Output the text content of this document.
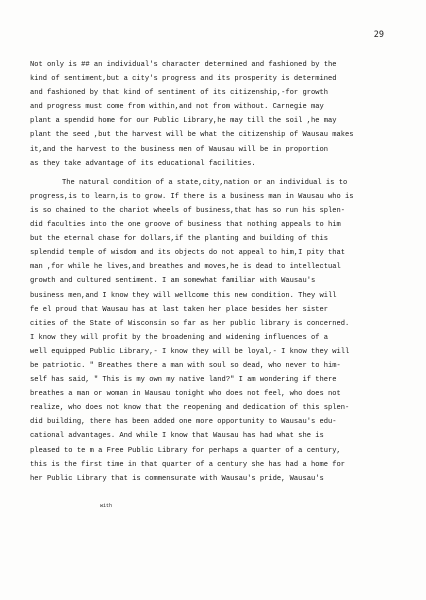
29
Not only is ## an individual's character determined and fashioned by the
kind of sentiment,but a city's progress and its prosperity is determined
and fashioned by that kind of sentiment of its citizenship,-for growth
and progress must come from within,and not from without. Carnegie may
plant a spendid home for our Public Library,he may till the soil ,he may
plant the seed ,but the harvest will be what the citizenship of Wausau makes
it,and the harvest to the business men of Wausau will be in proportion
as they take advantage of its educational facilities.
The natural condition of a state,city,nation or an individual is to
progress,is to learn,is to grow. If there is a business man in Wausau who is
is so chained to the chariot wheels of business,that has so run his splen-
did faculties into the one groove of business that nothing appeals to him
but the eternal chase for dollars,if the planting and building of this
splendid temple of wisdom and its objects do not appeal to him,I pity that
man ,for while he lives,and breathes and moves,he is dead to intellectual
growth and cultured sentiment. I am somewhat familiar with Wausau's
business men,and I know they will wellcome this new condition. They will
fe el proud that Wausau has at last taken her place besides her sister
cities of the State of Wisconsin so far as her public library is concerned.
I know they will profit by the broadening and widening influences of a
well equipped Public Library,- I know they will be loyal,- I know they will
be patriotic. " Breathes there a man with soul so dead, who never to him-
self has said, " This is my own my native land?" I am wondering if there
breathes a man or woman in Wausau tonight who does not feel, who does not
realize, who does not know that the reopening and dedication of this splen-
did building, there has been added one more opportunity to Wausau's edu-
cational advantages. And while I know that Wausau has had what she is
pleased to te m a Free Public Library for perhaps a quarter of a century,
this is the first time in that quarter of a century she has had a home for
her Public Library that is commensurate with Wausau's pride, Wausau's
with
